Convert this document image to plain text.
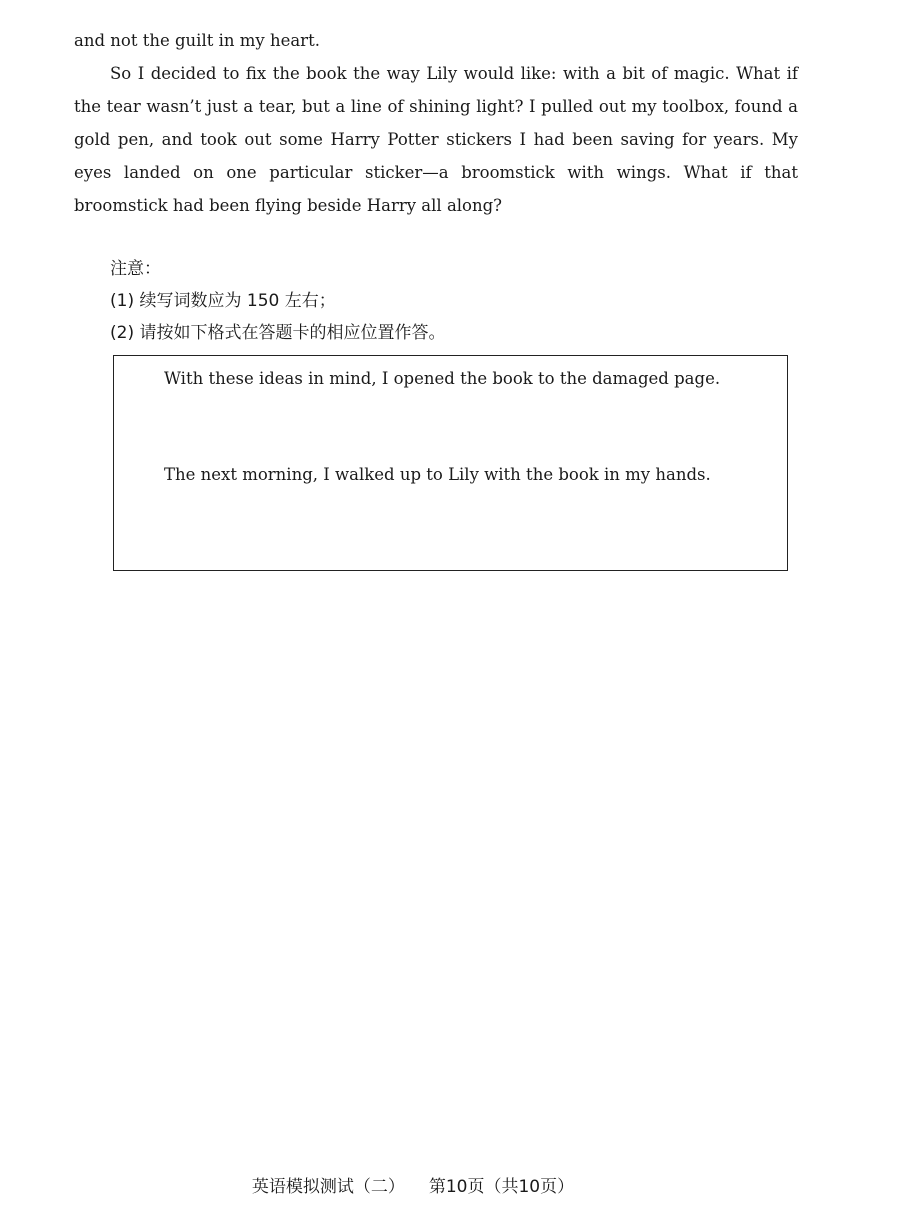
and not the guilt in my heart.

So I decided to fix the book the way Lily would like: with a bit of magic. What if the tear wasn’t just a tear, but a line of shining light? I pulled out my toolbox, found a gold pen, and took out some Harry Potter stickers I had been saving for years. My eyes landed on one particular sticker—a broomstick with wings. What if that broomstick had been flying beside Harry all along?

注意：
(1) 续写词数应为 150 左右；
(2) 请按如下格式在答题卡的相应位置作答。
With these ideas in mind, I opened the book to the damaged page.
The next morning, I walked up to Lily with the book in my hands.
英语模拟测试（二） 第10页（共10页）
